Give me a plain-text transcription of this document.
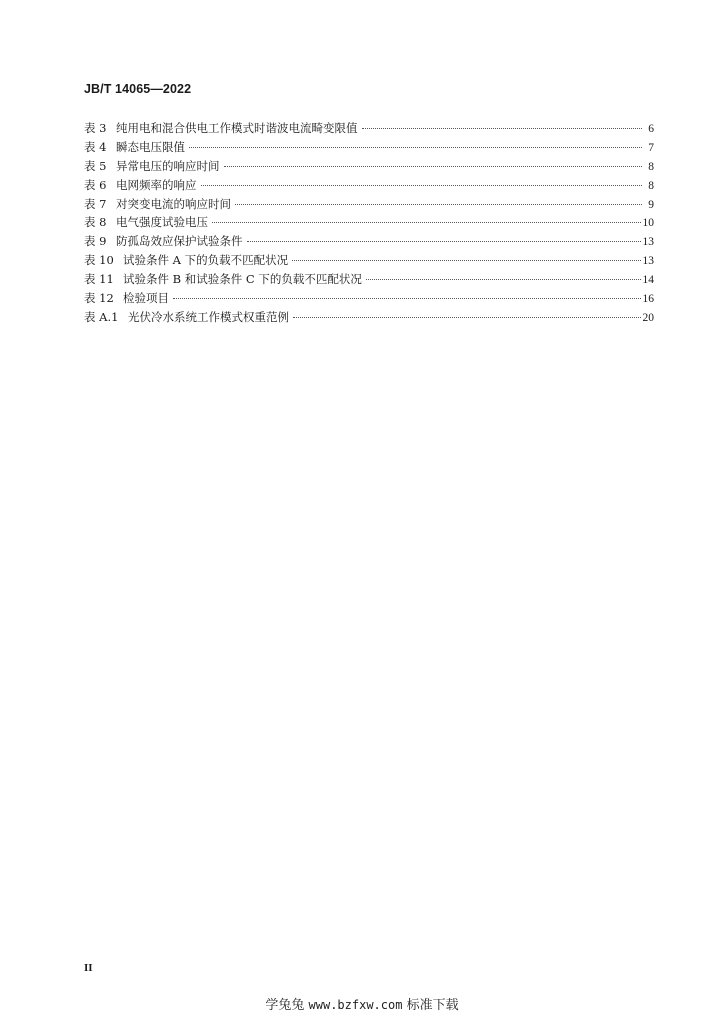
JB/T 14065—2022
表 3 纯用电和混合供电工作模式时谐波电流畸变限值	6
表 4 瞬态电压限值	7
表 5 异常电压的响应时间	8
表 6 电网频率的响应	8
表 7 对突变电流的响应时间	9
表 8 电气强度试验电压	10
表 9 防孤岛效应保护试验条件	13
表 10 试验条件 A 下的负载不匹配状况	13
表 11 试验条件 B 和试验条件 C 下的负载不匹配状况	14
表 12 检验项目	16
表 A.1 光伏冷水系统工作模式权重范例	20
II
学兔兔 www.bzfxw.com 标准下载
